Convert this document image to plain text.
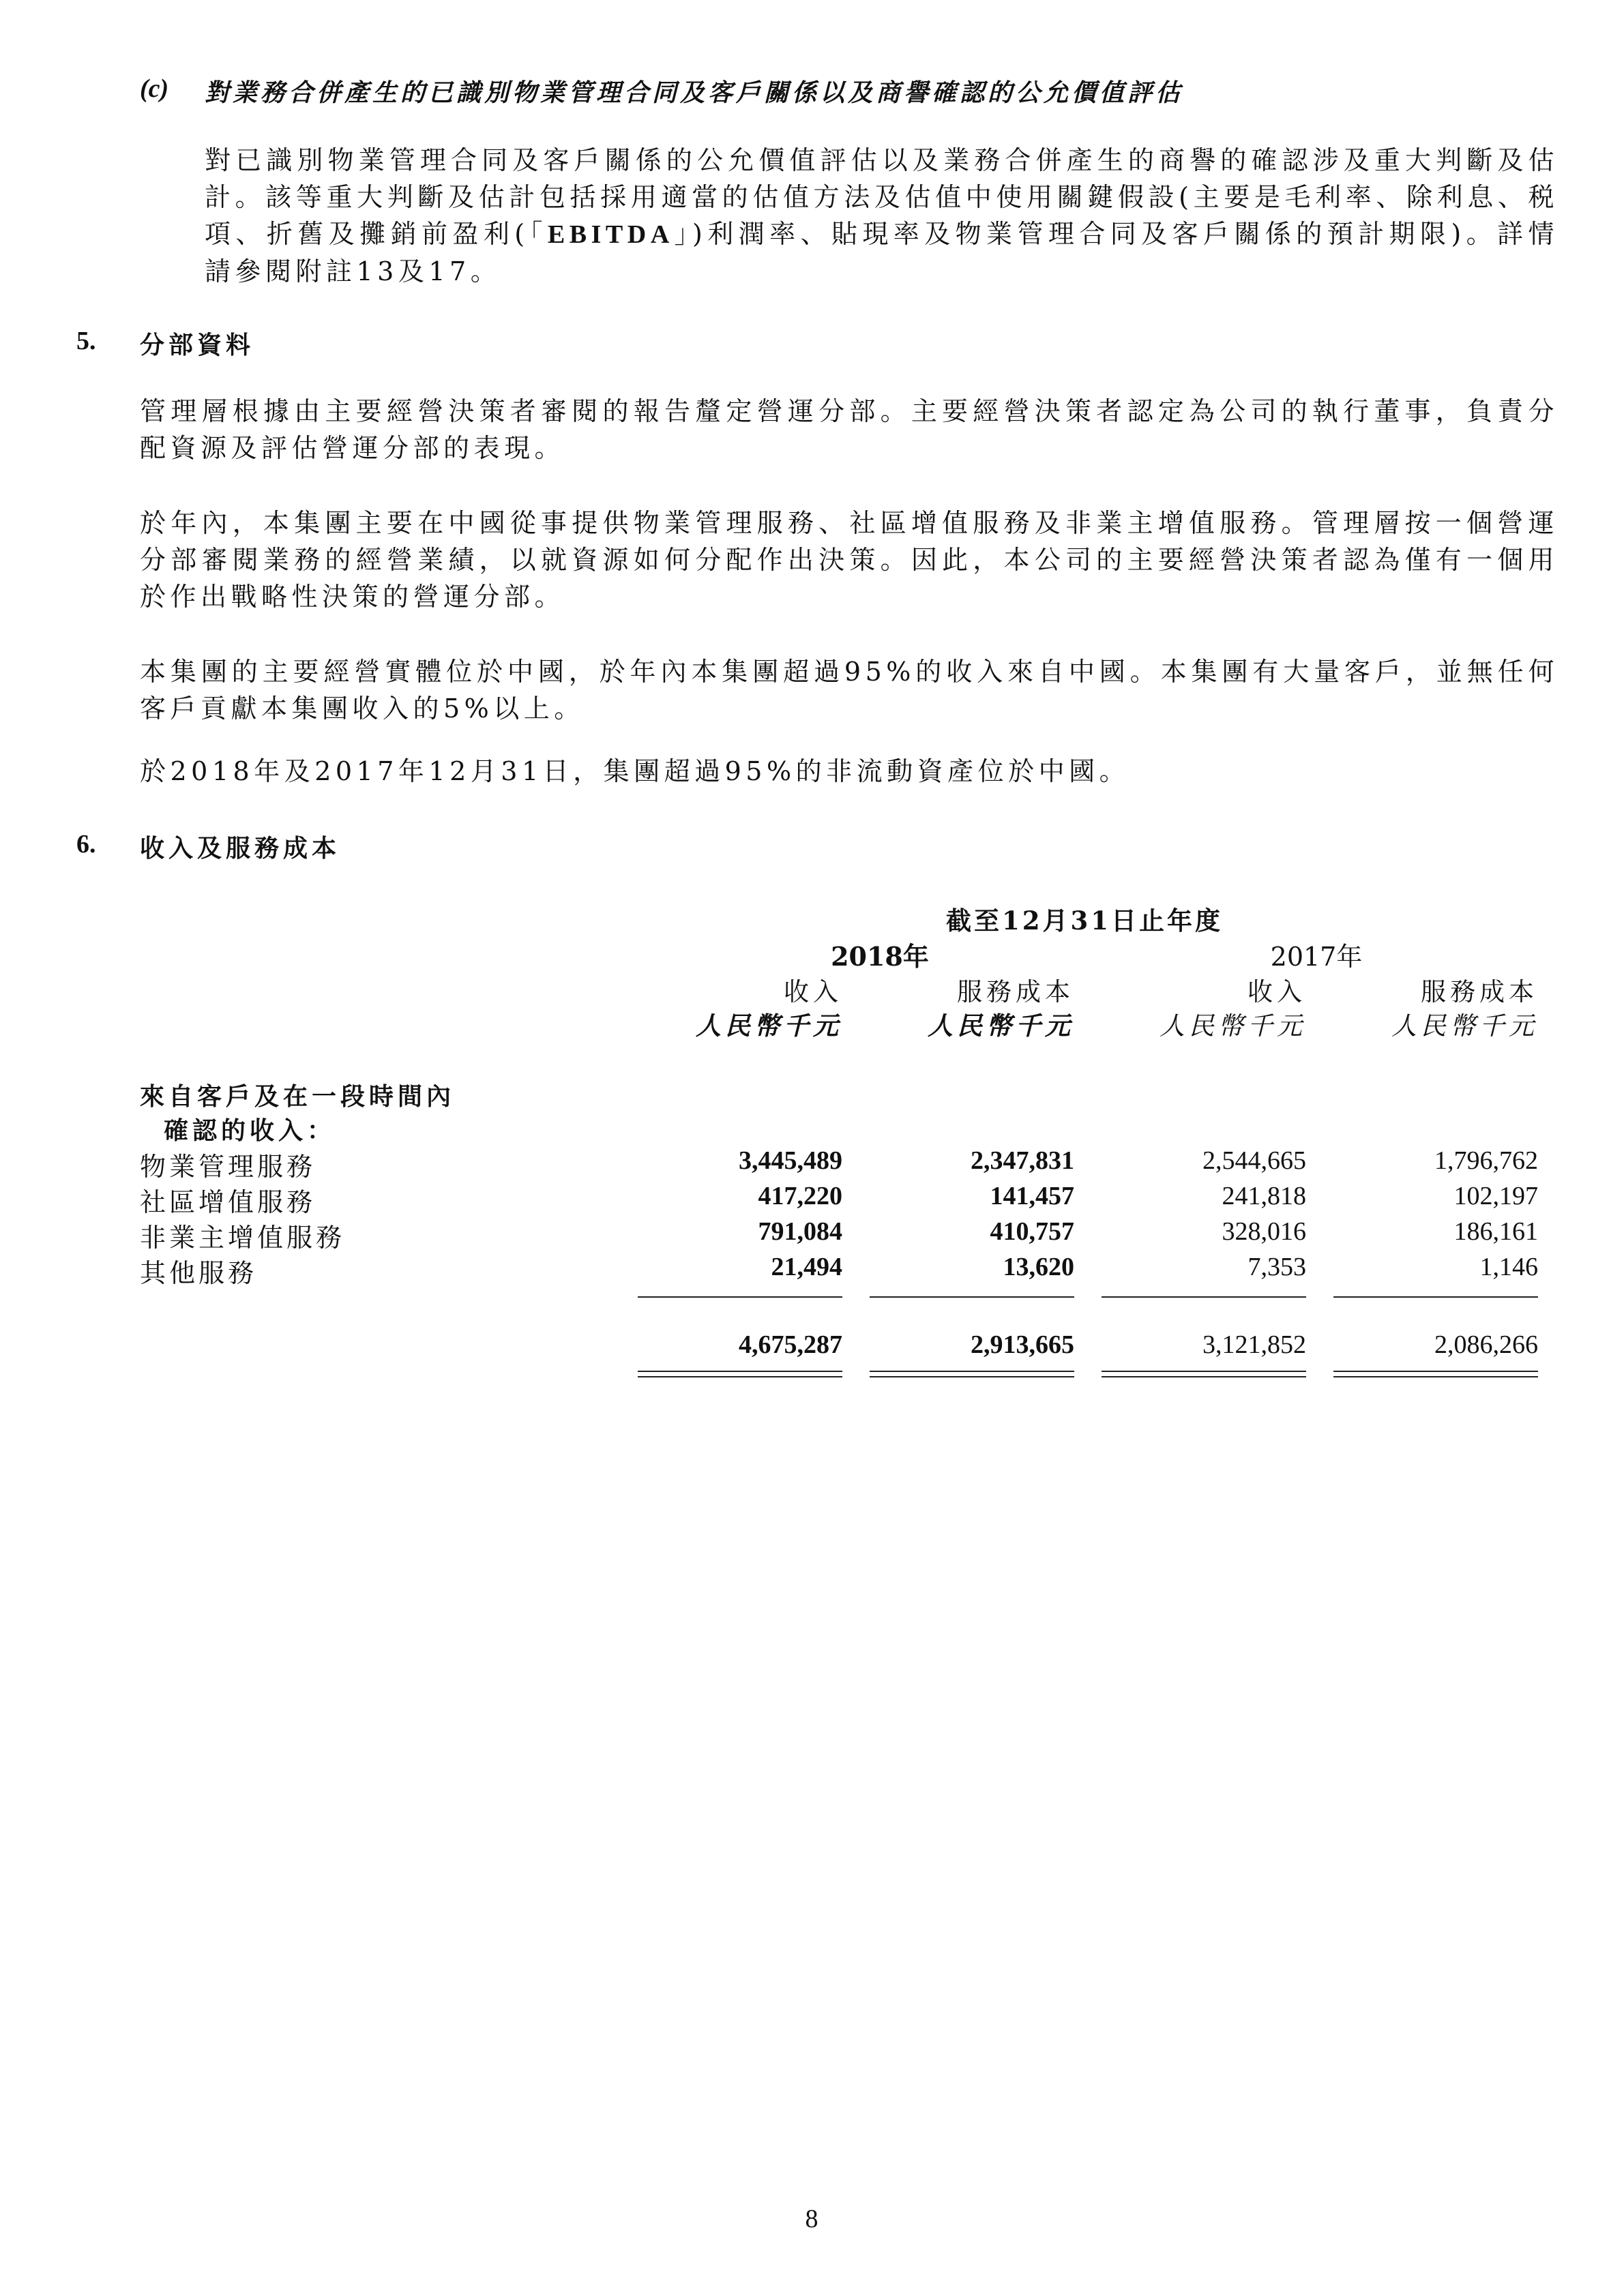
(c) 對業務合併產生的已識別物業管理合同及客戶關係以及商譽確認的公允價值評估
對已識別物業管理合同及客戶關係的公允價值評估以及業務合併產生的商譽的確認涉及重大判斷及估計。該等重大判斷及估計包括採用適當的估值方法及估值中使用關鍵假設(主要是毛利率、除利息、税項、折舊及攤銷前盈利(「EBITDA」)利潤率、貼現率及物業管理合同及客戶關係的預計期限)。詳情請參閱附註13及17。
5. 分部資料
管理層根據由主要經營決策者審閱的報告釐定營運分部。主要經營決策者認定為公司的執行董事，負責分配資源及評估營運分部的表現。
於年內，本集團主要在中國從事提供物業管理服務、社區增值服務及非業主增值服務。管理層按一個營運分部審閱業務的經營業績，以就資源如何分配作出決策。因此，本公司的主要經營決策者認為僅有一個用於作出戰略性決策的營運分部。
本集團的主要經營實體位於中國，於年內本集團超過95%的收入來自中國。本集團有大量客戶，並無任何客戶貢獻本集團收入的5%以上。
於2018年及2017年12月31日，集團超過95%的非流動資產位於中國。
6. 收入及服務成本
截至12月31日止年度
2018年	2017年
收入	服務成本	收入	服務成本
人民幣千元	人民幣千元	人民幣千元	人民幣千元
來自客戶及在一段時間內
確認的收入：
物業管理服務	3,445,489	2,347,831	2,544,665	1,796,762
社區增值服務	417,220	141,457	241,818	102,197
非業主增值服務	791,084	410,757	328,016	186,161
其他服務	21,494	13,620	7,353	1,146
4,675,287	2,913,665	3,121,852	2,086,266
8
